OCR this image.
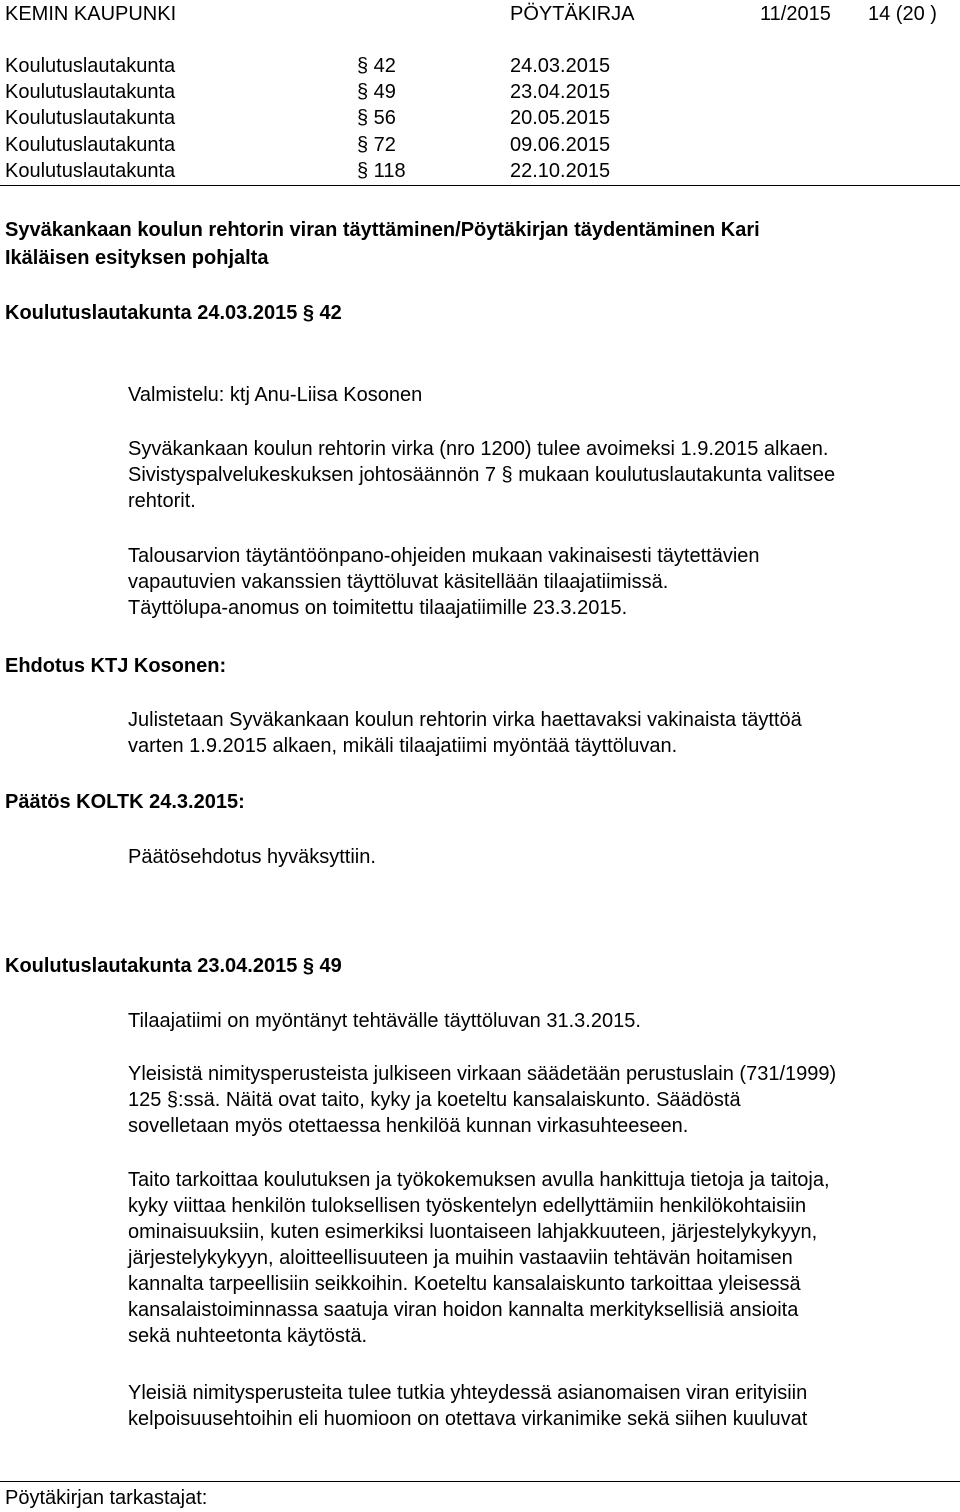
KEMIN KAUPUNKI	PÖYTÄKIRJA	11/2015 14 (20 )
Koulutuslautakunta	§ 42	24.03.2015
Koulutuslautakunta	§ 49	23.04.2015
Koulutuslautakunta	§ 56	20.05.2015
Koulutuslautakunta	§ 72	09.06.2015
Koulutuslautakunta	§ 118	22.10.2015
Syväkankaan koulun rehtorin viran täyttäminen/Pöytäkirjan täydentäminen Kari
Ikäläisen esityksen pohjalta
Koulutuslautakunta 24.03.2015 § 42
Valmistelu: ktj Anu-Liisa Kosonen
Syväkankaan koulun rehtorin virka (nro 1200) tulee avoimeksi 1.9.2015 alkaen.
Sivistyspalvelukeskuksen johtosäännön 7 § mukaan koulutuslautakunta valitsee
rehtorit.
Talousarvion täytäntöönpano-ohjeiden mukaan vakinaisesti täytettävien
vapautuvien vakanssien täyttöluvat käsitellään tilaajatiimissä.
Täyttölupa-anomus on toimitettu tilaajatiimille 23.3.2015.
Ehdotus KTJ Kosonen:
Julistetaan Syväkankaan koulun rehtorin virka haettavaksi vakinaista täyttöä
varten 1.9.2015 alkaen, mikäli tilaajatiimi myöntää täyttöluvan.
Päätös KOLTK 24.3.2015:
Päätösehdotus hyväksyttiin.
Koulutuslautakunta 23.04.2015 § 49
Tilaajatiimi on myöntänyt tehtävälle täyttöluvan 31.3.2015.
Yleisistä nimitysperusteista julkiseen virkaan säädetään perustuslain (731/1999)
125 §:ssä. Näitä ovat taito, kyky ja koeteltu kansalaiskunto. Säädöstä
sovelletaan myös otettaessa henkilöä kunnan virkasuhteeseen.
Taito tarkoittaa koulutuksen ja työkokemuksen avulla hankittuja tietoja ja taitoja,
kyky viittaa henkilön tuloksellisen työskentelyn edellyttämiin henkilökohtaisiin
ominaisuuksiin, kuten esimerkiksi luontaiseen lahjakkuuteen, järjestelykykyyn,
järjestelykykyyn, aloitteellisuuteen ja muihin vastaaviin tehtävän hoitamisen
kannalta tarpeellisiin seikkoihin. Koeteltu kansalaiskunto tarkoittaa yleisessä
kansalaistoiminnassa saatuja viran hoidon kannalta merkityksellisiä ansioita
sekä nuhteetonta käytöstä.
Yleisiä nimitysperusteita tulee tutkia yhteydessä asianomaisen viran erityisiin
kelpoisuusehtoihin eli huomioon on otettava virkanimike sekä siihen kuuluvat
Pöytäkirjan tarkastajat:
